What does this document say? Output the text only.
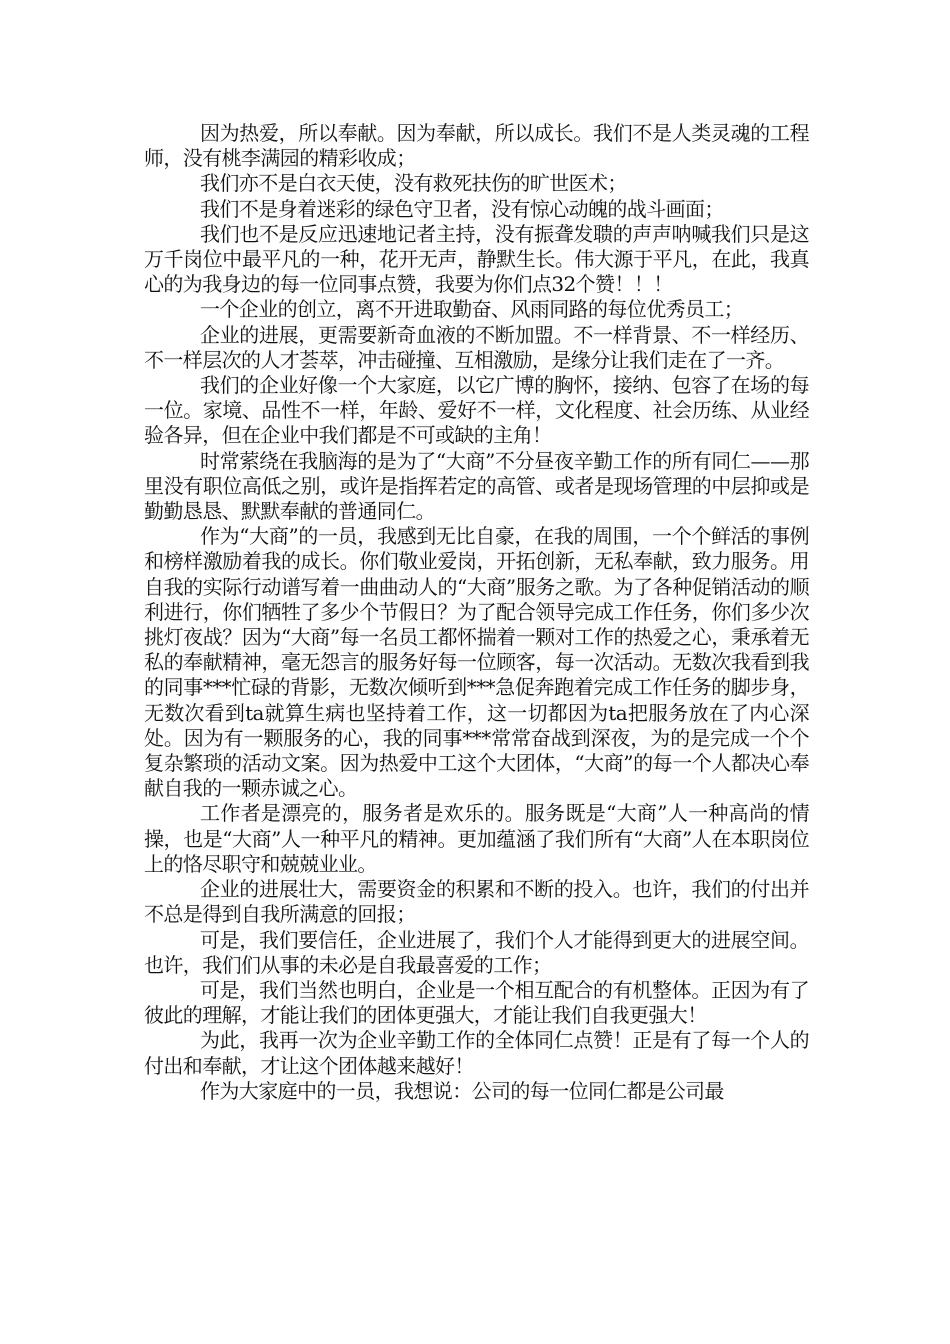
因为热爱，所以奉献。因为奉献，所以成长。我们不是人类灵魂的工程师，没有桃李满园的精彩收成；

我们亦不是白衣天使，没有救死扶伤的旷世医术；

我们不是身着迷彩的绿色守卫者，没有惊心动魄的战斗画面；

我们也不是反应迅速地记者主持，没有振聋发聩的声声呐喊我们只是这万千岗位中最平凡的一种，花开无声，静默生长。伟大源于平凡，在此，我真心的为我身边的每一位同事点赞，我要为你们点32个赞！！！

一个企业的创立，离不开进取勤奋、风雨同路的每位优秀员工；

企业的进展，更需要新奇血液的不断加盟。不一样背景、不一样经历、不一样层次的人才荟萃，冲击碰撞、互相激励，是缘分让我们走在了一齐。

我们的企业好像一个大家庭，以它广博的胸怀，接纳、包容了在场的每一位。家境、品性不一样，年龄、爱好不一样，文化程度、社会历练、从业经验各异，但在企业中我们都是不可或缺的主角！

时常萦绕在我脑海的是为了“大商”不分昼夜辛勤工作的所有同仁——那里没有职位高低之别，或许是指挥若定的高管、或者是现场管理的中层抑或是勤勤恳恳、默默奉献的普通同仁。

作为“大商”的一员，我感到无比自豪，在我的周围，一个个鲜活的事例和榜样激励着我的成长。你们敬业爱岗，开拓创新，无私奉献，致力服务。用自我的实际行动谱写着一曲曲动人的“大商”服务之歌。为了各种促销活动的顺利进行，你们牺牲了多少个节假日？为了配合领导完成工作任务，你们多少次挑灯夜战？因为“大商”每一名员工都怀揣着一颗对工作的热爱之心，秉承着无私的奉献精神，毫无怨言的服务好每一位顾客，每一次活动。无数次我看到我的同事***忙碌的背影，无数次倾听到***急促奔跑着完成工作任务的脚步身，无数次看到ta就算生病也坚持着工作，这一切都因为ta把服务放在了内心深处。因为有一颗服务的心，我的同事***常常奋战到深夜，为的是完成一个个复杂繁琐的活动文案。因为热爱中工这个大团体，“大商”的每一个人都决心奉献自我的一颗赤诚之心。

工作者是漂亮的，服务者是欢乐的。服务既是“大商”人一种高尚的情操，也是“大商”人一种平凡的精神。更加蕴涵了我们所有“大商”人在本职岗位上的恪尽职守和兢兢业业。

企业的进展壮大，需要资金的积累和不断的投入。也许，我们的付出并不总是得到自我所满意的回报；

可是，我们要信任，企业进展了，我们个人才能得到更大的进展空间。也许，我们们从事的未必是自我最喜爱的工作；

可是，我们当然也明白，企业是一个相互配合的有机整体。正因为有了彼此的理解，才能让我们的团体更强大，才能让我们自我更强大！

为此，我再一次为企业辛勤工作的全体同仁点赞！正是有了每一个人的付出和奉献，才让这个团体越来越好！

作为大家庭中的一员，我想说：公司的每一位同仁都是公司最
